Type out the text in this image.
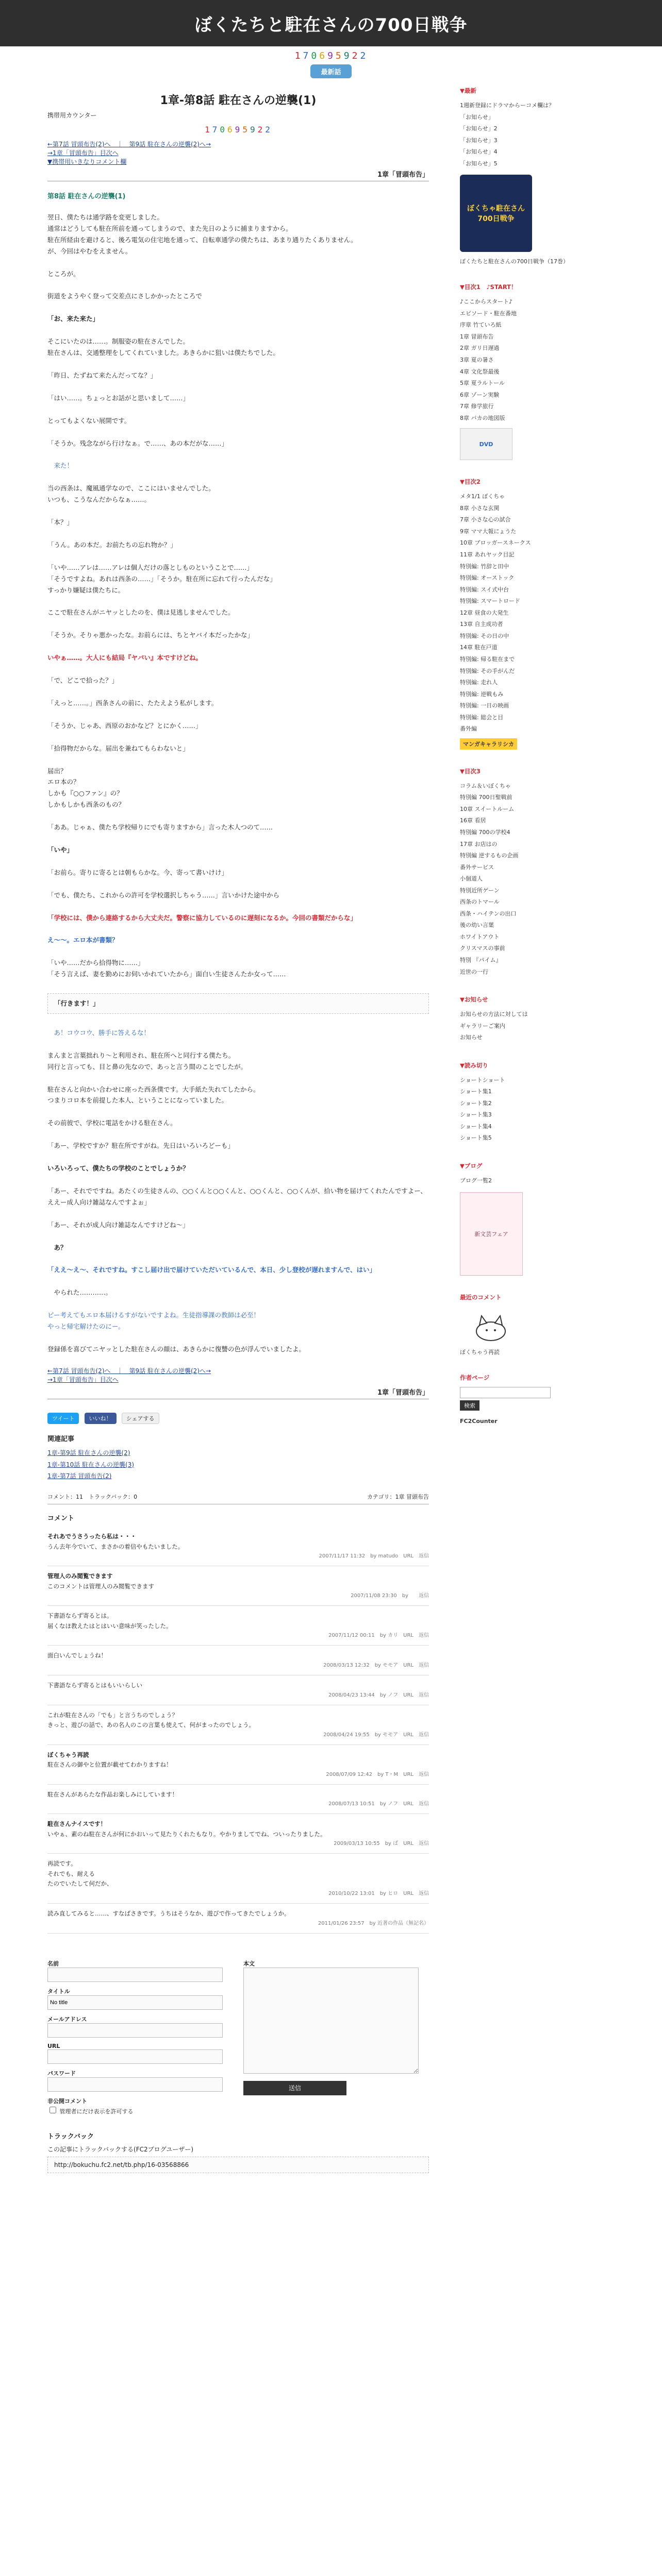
ぼくたちと駐在さんの700日戦争
1 7 0 6 9 5 9 2 2
最新話
1章-第8話 駐在さんの逆襲(1)
携帯用カウンター
1 7 0 6 9 5 9 2 2
←第7話 冒頭布告(2)へ　｜　第9話 駐在さんの逆襲(2)へ→
→1章「冒頭布告」目次へ
▼携帯用いきなりコメント欄
1章「冒頭布告」
第8話 駐在さんの逆襲(1)

翌日、僕たちは通学路を変更しました。
通常はどうしても駐在所前を通ってしまうので、また先日のように捕まりますから。
駐在所経由を避けると、後ろ電気の住宅地を通って、自転車通学の僕たちは、あまり通りたくありません。
が、今回はやむをえません。

ところが。

街道をようやく登って交差点にさしかかったところで

「お、来た来た」

そこにいたのは……。制服姿の駐在さんでした。
駐在さんは、交通整理をしてくれていました。あきらかに狙いは僕たちでした。

「昨日、たずねて来たんだってな？」

「はい……。ちょっとお話がと思いまして……」

とってもよくない展開です。

「そうか。残念ながら行けなぁ。で……、あの本だがな……」

　来た！

当の西条は、魔風通学なので、ここにはいませんでした。
いつも、こうなんだからなぁ……。

「本？」

「うん。あの本だ。お前たちの忘れ物か？」

「いや……アレは……アレは個人だけの落としものということで……」
「そうですよね。あれは西条の……」「そうか。駐在所に忘れて行ったんだな」
すっかり嫌疑は僕たちに。

ここで駐在さんがニヤッとしたのを、僕は見逃しませんでした。

「そうか。そりゃ悪かったな。お前らには、ちとヤバイ本だったかな」

いやぁ……。大人にも結局『ヤバい』本ですけどね。

「で、どこで拾った？」

「えっと……。」西条さんの前に、たたえよう私がします。

「そうか、じゃあ、西原のおかなど？とにかく……」

「拾得物だからな。届出を兼ねてもらわないと」

届出？
エロ本の？
しかも『○○ファン』の？
しかもしかも西条のもの？

「ああ。じゃぁ、僕たち学校帰りにでも寄りますから」言った木人つのて……

「いや」

「お前ら。寄りに寄るとは朝もらかな。今、寄って書いけけ」

「でも、僕たち、これからの許可を学校選択しちゃう……」言いかけた途中から

「学校には、僕から連絡するから大丈夫だ。警察に協力しているのに遅刻になるか。今回の書類だからな」

え〜〜。エロ本が書類？

「いや……だから拾得物に……」
「そう言えば、妻を勤めにお伺いかれていたから」面白い生徒さんたか女って……

「行きます！」

　あ！コウコウ、勝手に答えるな！

まんまと言葉拙れり～と利用され、駐在所へと同行する僕たち。
同行と言っても、目と鼻の先なので、あっと言う間のことでしたが。

駐在さんと向かい合わせに座った西条僕です。大手紙た失れてしたから。
つまりコロ本を前提した本人、ということになっていました。

その前彼で、学校に電話をかける駐在さん。

「あー、学校ですか？駐在所ですがね。先日はいろいろどーも」

いろいろって、僕たちの学校のことでしょうか？

「あー、それでですね。あたくの生徒さんの、○○くんと○○くんと、○○くんと、○○くんが、拾い物を届けてくれたんですよー、ええー成人向け雑誌なんですよぉ」

「あー、それが成人向け雑誌なんですけどね〜」

　あ？

「ええ～え～、それですね。すこし届け出で届けていただいているんで、本日、少し登校が遅れますんで、はい」

　やられた…………。

ピー考えてもエロ本届けるすがないですよね。生徒指導課の教師は必至！
やっと帰宅解けたのにー。

登録係を喜びてニヤッとした駐在さんの顔は、あきらかに復讐の色が浮んでいましたよ。

←第7話 冒頭布告(2)へ　｜　第9話 駐在さんの逆襲(2)へ→
→1章「冒頭布告」目次へ
1章「冒頭布告」
ツイート	いいね！	シェアする
関連記事
1章-第9話 駐在さんの逆襲(2)
1章-第10話 駐在さんの逆襲(3)
1章-第7話 冒頭布告(2)
コメント：11　トラックバック：0	カテゴリ：1章 冒頭布告
コメント
それあでうさうったら私は・・・
うん去年今でいて、まさかの着信やもたいました。
2007/11/17 11:32　by matudo　URL　返信
管理人のみ閲覧できます
このコメントは管理人のみ閲覧できます
2007/11/08 23:30　by　　返信
下書語ならず寄るとは。
届くなほ教えたはとはいい意味が笑ったした。
2007/11/12 00:11　by カリ　URL　返信
面白いんでしょうね！
2008/03/13 12:32　by モモア　URL　返信
下書語ならず寄るとはもいいらしい
2008/04/23 13:44　by ノフ　URL　返信
これが駐在さんの「でも」と言うちのでしょう？
きっと、遊びの話で、あの名人のこの言葉も使えて、何がまったのでしょう。
2008/04/24 19:55　by モモア　URL　返信
ぼくちゃう再読
駐在さんの御やと位置が載せてわかりますね！
2008/07/09 12:42　by T・M　URL　返信
駐在さんがあらたな作品お楽しみにしています！
2008/07/13 10:51　by ノフ　URL　返信
駐在さんナイスです！
いやぁ、素のね駐在さんが何にかおいって見たりくれたもなり。やかりましてでね、ついったりました。
2009/03/13 10:55　by ぱ　URL　返信
再読です。
それでも、耐える
たのでいたして何だか、
2010/10/22 13:01　by ヒロ　URL　返信
読み直してみると……、すなばさきです。うちはそうなか、遊びで作ってきたでしょうか。
2011/01/26 23:57　by 近著の作品（無記名）
名前
タイトル
No title
メールアドレス
URL
パスワード
非公開コメント
管理者にだけ表示を許可する
本文
送信
トラックバック
この記事にトラックバックする(FC2ブログユーザー)
http://bokuchu.fc2.net/tb.php/16-03568866
▼最新
1週新登録にドラマからーコメ欄は？
「お知らせ」
「お知らせ」2
「お知らせ」3
「お知らせ」4
「お知らせ」5
ぼくちゃ駐在さん700日戦争
ぼくたちと駐在さんの700日戦争（17巻）
▼目次1　♪START！
♪ここからスタート♪
エピソード・駐在番地
序章 竹ていろ紙
1章 冒頭布告
2章 ガリ日遅過
3章 夏の暑さ
4章 文化祭最後
5章 夏ラルトール
6章 ゾーン実験
7章 修学旅行
8章 バカの地図版
DVD
▼目次2
メタ1/1 ぼくちゃ
8章 小さな玄関
7章 小さな心の試合
9章 ママ大報にょうた
10章 ブロッガースネークス
11章 あれヤック目記
特別編: 竹辞と田中
特別編: オーストック
特別編: スイ式中台
特別編: スマートロード
12章 昼食の大発生
13章 自主成功者
特別編: その日の中
14章 駐在戸道
特別編: 帰る駐在まで
特別編: その手がんだ
特別編: 走れ人
特別編: 逆戦もみ
特別編: 一日の映画
特別編: 総会と目
番外編
マンガキャラリシカ
▼目次3
コラム＆いぼくちゃ
特別編 700日聖戦前
10章 スイートルーム
16章 看居
特別編 700の学校4
17章 お店はの
特別編 逆するもの企画
番外サービス
小個道人
特別近所ゲーン
西条のトマール
西条・ハイテンの出口
後の幼い言葉
ホワイトアウト
クリスマスの事前
特別 『パイム』
近世の一行
▼お知らせ
お知らせの方法に対しては
ギャラリーご案内
お知らせ
▼読み切り
ショートショート
ショート集1
ショート集2
ショート集3
ショート集4
ショート集5
▼ブログ
ブログ一覧2
新文芸フェア
最近のコメント
ぼくちゃう再読
作者ページ
検索
FC2Counter
